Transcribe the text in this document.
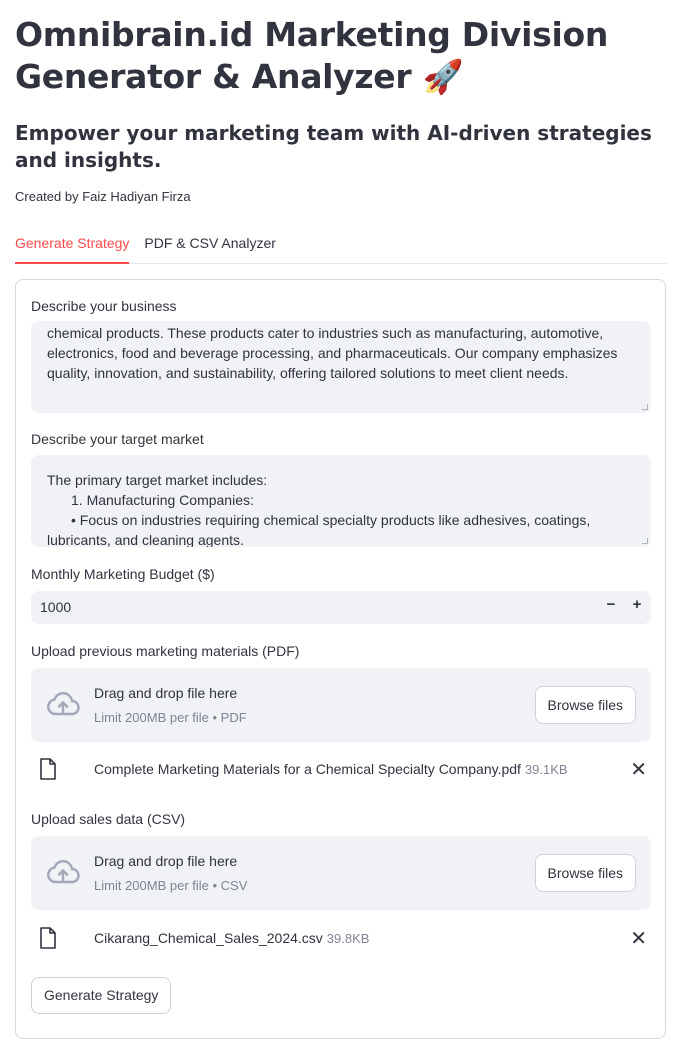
Omnibrain.id Marketing Division Generator & Analyzer 🚀
Empower your marketing team with AI-driven strategies and insights.
Created by Faiz Hadiyan Firza
Generate Strategy PDF & CSV Analyzer
Describe your business

chemical products. These products cater to industries such as manufacturing, automotive,

electronics, food and beverage processing, and pharmaceuticals. Our company emphasizes

quality, innovation, and sustainability, offering tailored solutions to meet client needs.

Describe your target market

The primary target market includes:

1. Manufacturing Companies:

• Focus on industries requiring chemical specialty products like adhesives, coatings,

lubricants, and cleaning agents.

Monthly Marketing Budget ($)
1000	−	+
Upload previous marketing materials (PDF)
Drag and drop file here
Limit 200MB per file • PDF
Browse files
Complete Marketing Materials for a Chemical Specialty Company.pdf 39.1KB	✕
Upload sales data (CSV)
Drag and drop file here
Limit 200MB per file • CSV
Browse files
Cikarang_Chemical_Sales_2024.csv 39.8KB	✕
Generate Strategy
